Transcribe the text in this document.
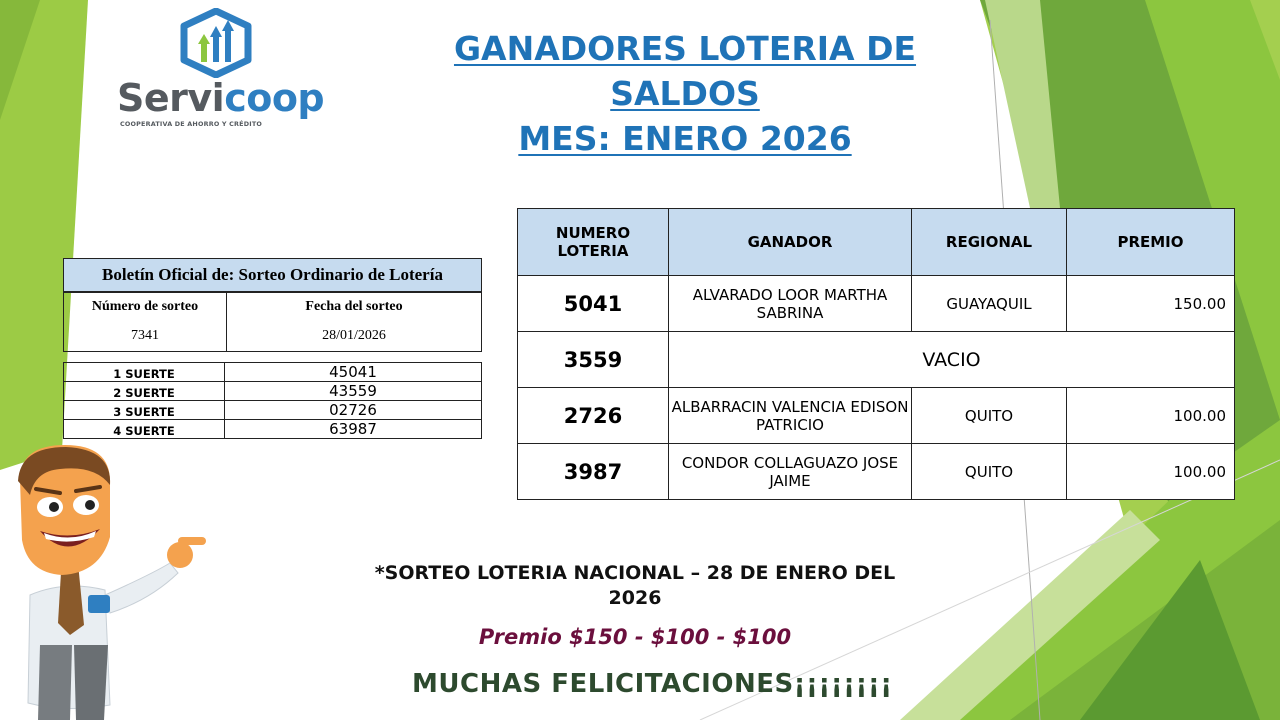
Servicoop
COOPERATIVA DE AHORRO Y CRÉDITO
GANADORES LOTERIA DE
SALDOS
MES: ENERO 2026
Boletín Oficial de: Sorteo Ordinario de Lotería	
Número de sorteo	Fecha del sorteo
7341	28/01/2026
1 SUERTE	45041
2 SUERTE	43559
3 SUERTE	02726
4 SUERTE	63987
NUMERO LOTERIA	GANADOR	REGIONAL	PREMIO
5041	ALVARADO LOOR MARTHA SABRINA	GUAYAQUIL	150.00
3559	VACIO		
2726	ALBARRACIN VALENCIA EDISON PATRICIO	QUITO	100.00
3987	CONDOR COLLAGUAZO JOSE JAIME	QUITO	100.00
*SORTEO LOTERIA NACIONAL – 28 DE ENERO DEL 2026
Premio $150 - $100 - $100
MUCHAS FELICITACIONES¡¡¡¡¡¡¡¡
